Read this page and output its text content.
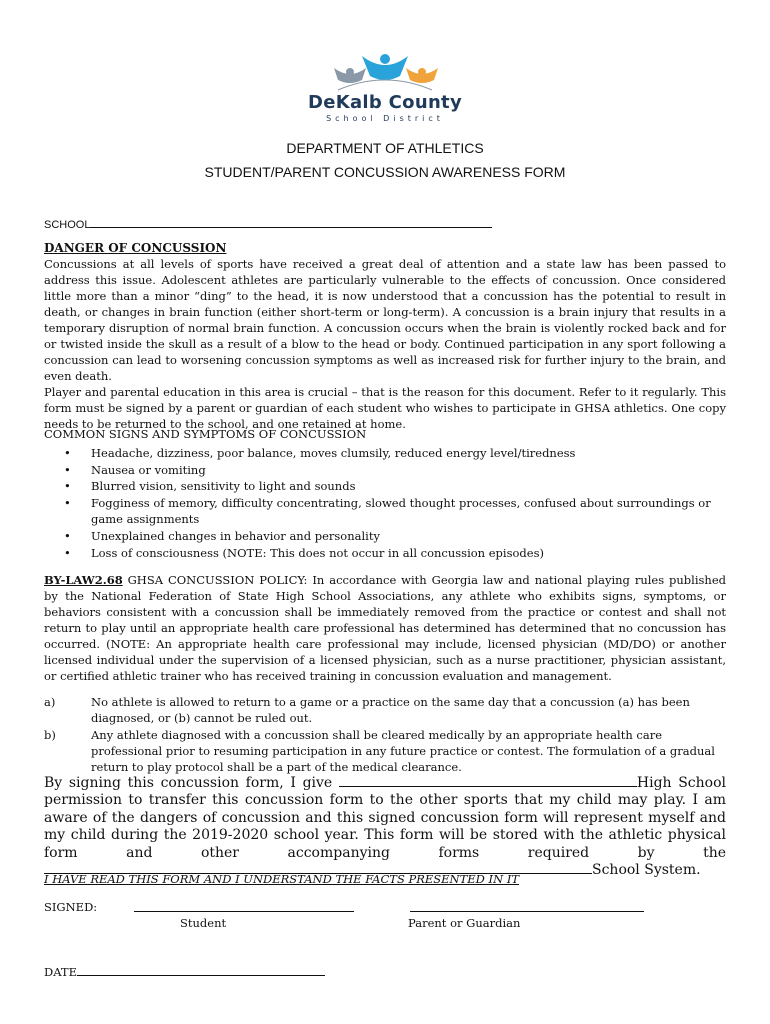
DeKalb County
School District
DEPARTMENT OF ATHLETICS
STUDENT/PARENT CONCUSSION AWARENESS FORM
SCHOOL
DANGER OF CONCUSSION
Concussions at all levels of sports have received a great deal of attention and a state law has been passed to address this issue. Adolescent athletes are particularly vulnerable to the effects of concussion. Once considered little more than a minor “ding” to the head, it is now understood that a concussion has the potential to result in death, or changes in brain function (either short-term or long-term). A concussion is a brain injury that results in a temporary disruption of normal brain function. A concussion occurs when the brain is violently rocked back and for or twisted inside the skull as a result of a blow to the head or body. Continued participation in any sport following a concussion can lead to worsening concussion symptoms as well as increased risk for further injury to the brain, and even death.
Player and parental education in this area is crucial – that is the reason for this document. Refer to it regularly. This form must be signed by a parent or guardian of each student who wishes to participate in GHSA athletics. One copy needs to be returned to the school, and one retained at home.
COMMON SIGNS AND SYMPTOMS OF CONCUSSION
• Headache, dizziness, poor balance, moves clumsily, reduced energy level/tiredness
• Nausea or vomiting
• Blurred vision, sensitivity to light and sounds
• Fogginess of memory, difficulty concentrating, slowed thought processes, confused about surroundings or game assignments
• Unexplained changes in behavior and personality
• Loss of consciousness (NOTE: This does not occur in all concussion episodes)
BY-LAW2.68 GHSA CONCUSSION POLICY: In accordance with Georgia law and national playing rules published by the National Federation of State High School Associations, any athlete who exhibits signs, symptoms, or behaviors consistent with a concussion shall be immediately removed from the practice or contest and shall not return to play until an appropriate health care professional has determined has determined that no concussion has occurred. (NOTE: An appropriate health care professional may include, licensed physician (MD/DO) or another licensed individual under the supervision of a licensed physician, such as a nurse practitioner, physician assistant, or certified athletic trainer who has received training in concussion evaluation and management.
a)	No athlete is allowed to return to a game or a practice on the same day that a concussion (a) has been diagnosed, or (b) cannot be ruled out.
b)	Any athlete diagnosed with a concussion shall be cleared medically by an appropriate health care professional prior to resuming participation in any future practice or contest. The formulation of a gradual return to play protocol shall be a part of the medical clearance.
By signing this concussion form, I give	High School permission to transfer this concussion form to the other sports that my child may play. I am aware of the dangers of concussion and this signed concussion form will represent myself and my child during the 2019-2020 school year. This form will be stored with the athletic physical form and other accompanying forms required by the School System.
I HAVE READ THIS FORM AND I UNDERSTAND THE FACTS PRESENTED IN IT
SIGNED:
Student	Parent or Guardian
DATE
